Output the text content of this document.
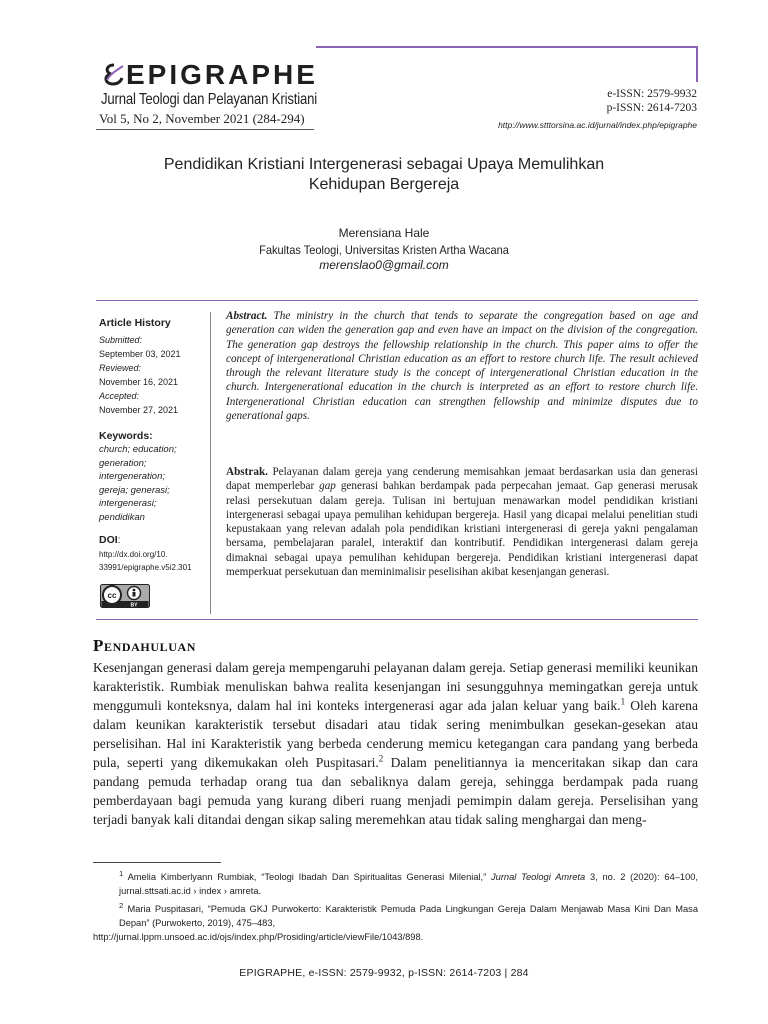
EPIGRAPHE
Jurnal Teologi dan Pelayanan Kristiani
Vol 5, No 2, November 2021 (284-294)
e-ISSN: 2579-9932
p-ISSN: 2614-7203
http://www.stttorsina.ac.id/jurnal/index.php/epigraphe
Pendidikan Kristiani Intergenerasi sebagai Upaya Memulihkan
Kehidupan Bergereja
Merensiana Hale
Fakultas Teologi, Universitas Kristen Artha Wacana
merenslao0@gmail.com
Article History
Submitted:
September 03, 2021
Reviewed:
November 16, 2021
Accepted:
November 27, 2021
Keywords:
church; education;
generation;
intergeneration;
gereja; generasi;
intergenerasi;
pendidikan
DOI:
http://dx.doi.org/10.
33991/epigraphe.v5i2.301
cc
BY
Abstract. The ministry in the church that tends to separate the congregation based on age and generation can widen the generation gap and even have an impact on the division of the congregation. The generation gap destroys the fellowship relationship in the church. This paper aims to offer the concept of intergenerational Christian education as an effort to restore church life. The result achieved through the relevant literature study is the concept of intergenerational Christian education in the church. Intergenerational education in the church is interpreted as an effort to restore church life. Intergenerational Christian education can strengthen fellowship and minimize disputes due to generational gaps.
Abstrak. Pelayanan dalam gereja yang cenderung memisahkan jemaat berdasarkan usia dan generasi dapat memperlebar gap generasi bahkan berdampak pada perpecahan jemaat. Gap generasi merusak relasi persekutuan dalam gereja. Tulisan ini bertujuan menawarkan model pendidikan kristiani intergenerasi sebagai upaya pemulihan kehidupan bergereja. Hasil yang dicapai melalui penelitian studi kepustakaan yang relevan adalah pola pendidikan kristiani intergenerasi di gereja yakni pengalaman bersama, pembelajaran paralel, interaktif dan kontributif. Pendidikan intergenerasi dalam gereja dimaknai sebagai upaya pemulihan kehidupan bergereja. Pendidikan kristiani intergenerasi dapat memperkuat persekutuan dan meminimalisir peselisihan akibat kesenjangan generasi.
Pendahuluan
Kesenjangan generasi dalam gereja mempengaruhi pelayanan dalam gereja. Setiap generasi memiliki keunikan karakteristik. Rumbiak menuliskan bahwa realita kesenjangan ini sesungguhnya memingatkan gereja untuk menggumuli konteksnya, dalam hal ini konteks intergenerasi agar ada jalan keluar yang baik.$^1$ Oleh karena dalam keunikan karakteristik tersebut disadari atau tidak sering menimbulkan gesekan-gesekan atau perselisihan. Hal ini Karakteristik yang berbeda cenderung memicu ketegangan cara pandang yang berbeda pula, seperti yang dikemukakan oleh Puspitasari.$^2$ Dalam penelitiannya ia menceritakan sikap dan cara pandang pemuda terhadap orang tua dan sebaliknya dalam gereja, sehingga berdampak pada ruang pemberdayaan bagi pemuda yang kurang diberi ruang menjadi pemimpin dalam gereja. Perselisihan yang terjadi banyak kali ditandai dengan sikap saling meremehkan atau tidak saling menghargai dan meng-

$^1$ Amelia Kimberlyann Rumbiak, “Teologi Ibadah Dan Spiritualitas Generasi Milenial,” Jurnal Teologi Amreta 3, no. 2 (2020): 64–100, jurnal.sttsati.ac.id › index › amreta.

$^2$ Maria Puspitasari, “Pemuda GKJ Purwokerto: Karakteristik Pemuda Pada Lingkungan Gereja Dalam Menjawab Masa Kini Dan Masa Depan” (Purwokerto, 2019), 475–483,

http://jurnal.lppm.unsoed.ac.id/ojs/index.php/Prosiding/article/viewFile/1043/898.

EPIGRAPHE, e-ISSN: 2579-9932, p-ISSN: 2614-7203 | 284
